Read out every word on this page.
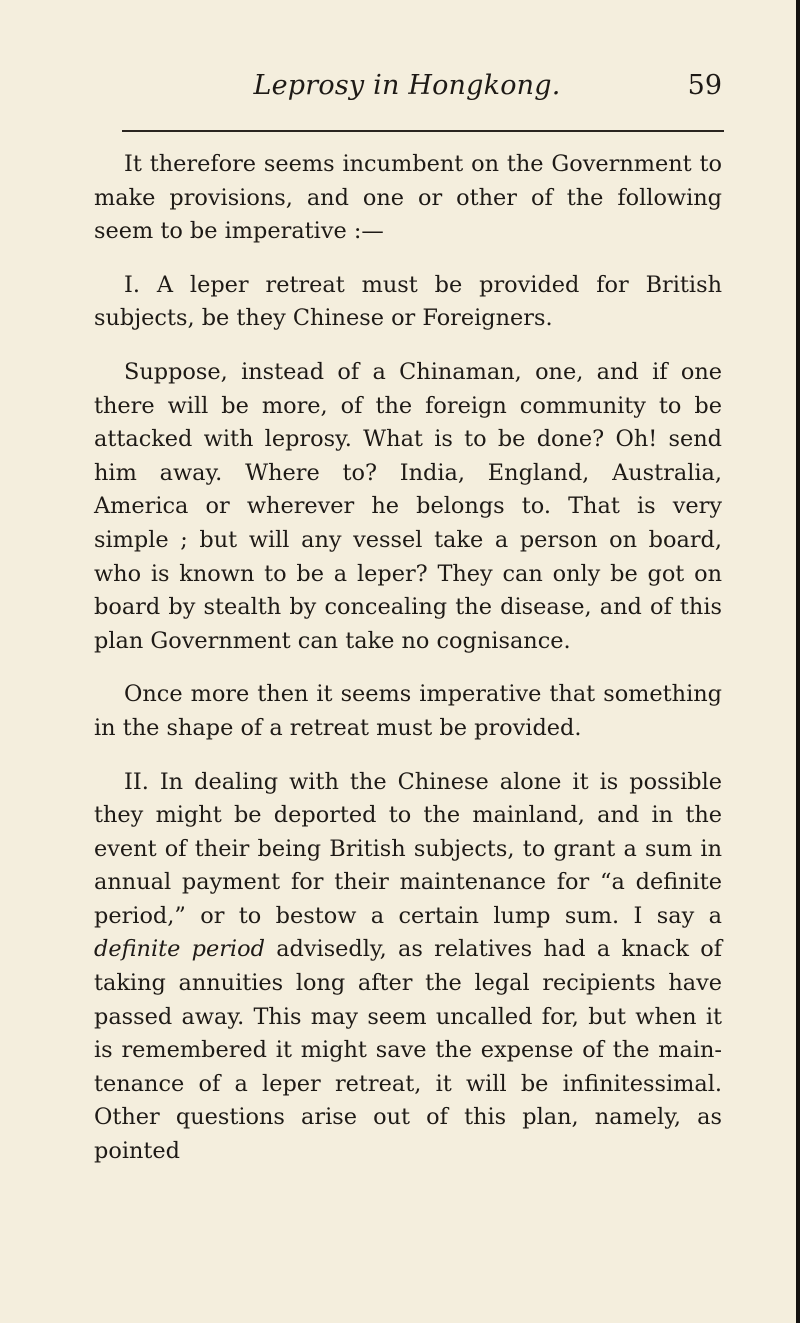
Leprosy in Hongkong.	59

It therefore seems incumbent on the Government to make provisions, and one or other of the following seem to be imperative :—

I. A leper retreat must be provided for British subjects, be they Chinese or Foreigners.

Suppose, instead of a Chinaman, one, and if one there will be more, of the foreign community to be attacked with leprosy. What is to be done? Oh! send him away. Where to? India, England, Australia, America or wherever he belongs to. That is very simple ; but will any vessel take a person on board, who is known to be a leper? They can only be got on board by stealth by concealing the disease, and of this plan Government can take no cognisance.

Once more then it seems imperative that something in the shape of a retreat must be provided.

II. In dealing with the Chinese alone it is possible they might be deported to the mainland, and in the event of their being British subjects, to grant a sum in annual payment for their maintenance for “a definite period,” or to bestow a certain lump sum. I say a definite period advisedly, as relatives had a knack of taking annuities long after the legal recipients have passed away. This may seem uncalled for, but when it is remembered it might save the expense of the maintenance of a leper retreat, it will be infinitessimal. Other questions arise out of this plan, namely, as pointed
